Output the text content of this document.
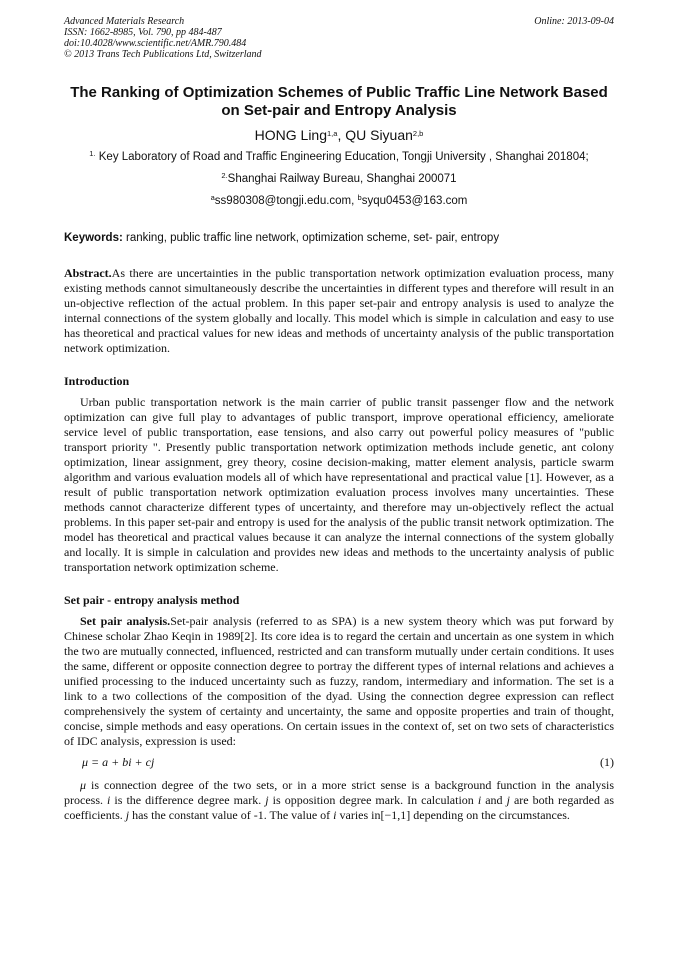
Advanced Materials Research
ISSN: 1662-8985, Vol. 790, pp 484-487
doi:10.4028/www.scientific.net/AMR.790.484
© 2013 Trans Tech Publications Ltd, Switzerland
Online: 2013-09-04
The Ranking of Optimization Schemes of Public Traffic Line Network Based on Set-pair and Entropy Analysis
HONG Ling$^{1,a}$, QU Siyuan$^{2,b}$
$^{1.}$ Key Laboratory of Road and Traffic Engineering Education, Tongji University , Shanghai 201804;
$^{2.}$Shanghai Railway Bureau, Shanghai 200071
$^a$ss980308@tongji.edu.com, $^b$syqu0453@163.com
Keywords: ranking, public traffic line network, optimization scheme, set- pair, entropy

Abstract.As there are uncertainties in the public transportation network optimization evaluation process, many existing methods cannot simultaneously describe the uncertainties in different types and therefore will result in an un-objective reflection of the actual problem. In this paper set-pair and entropy analysis is used to analyze the internal connections of the system globally and locally. This model which is simple in calculation and easy to use has theoretical and practical values for new ideas and methods of uncertainty analysis of the public transportation network optimization.

Introduction

Urban public transportation network is the main carrier of public transit passenger flow and the network optimization can give full play to advantages of public transport, improve operational efficiency, ameliorate service level of public transportation, ease tensions, and also carry out powerful policy measures of "public transport priority ". Presently public transportation network optimization methods include genetic, ant colony optimization, linear assignment, grey theory, cosine decision-making, matter element analysis, particle swarm algorithm and various evaluation models all of which have representational and practical value [1]. However, as a result of public transportation network optimization evaluation process involves many uncertainties. These methods cannot characterize different types of uncertainty, and therefore may un-objectively reflect the actual problems. In this paper set-pair and entropy is used for the analysis of the public transit network optimization. The model has theoretical and practical values because it can analyze the internal connections of the system globally and locally. It is simple in calculation and provides new ideas and methods to the uncertainty analysis of public transportation network optimization scheme.

Set pair - entropy analysis method

Set pair analysis.Set-pair analysis (referred to as SPA) is a new system theory which was put forward by Chinese scholar Zhao Keqin in 1989[2]. Its core idea is to regard the certain and uncertain as one system in which the two are mutually connected, influenced, restricted and can transform mutually under certain conditions. It uses the same, different or opposite connection degree to portray the different types of internal relations and achieves a unified processing to the induced uncertainty such as fuzzy, random, intermediary and information. The set is a link to a two collections of the composition of the dyad. Using the connection degree expression can reflect comprehensively the system of certainty and uncertainty, the same and opposite properties and train of thought, concise, simple methods and easy operations. On certain issues in the context of, set on two sets of characteristics of IDC analysis, expression is used:

μ = a + bi + cj	(1)

μ is connection degree of the two sets, or in a more strict sense is a background function in the analysis process. i is the difference degree mark. j is opposition degree mark. In calculation i and j are both regarded as coefficients. j has the constant value of -1. The value of i varies in[−1,1] depending on the circumstances.
